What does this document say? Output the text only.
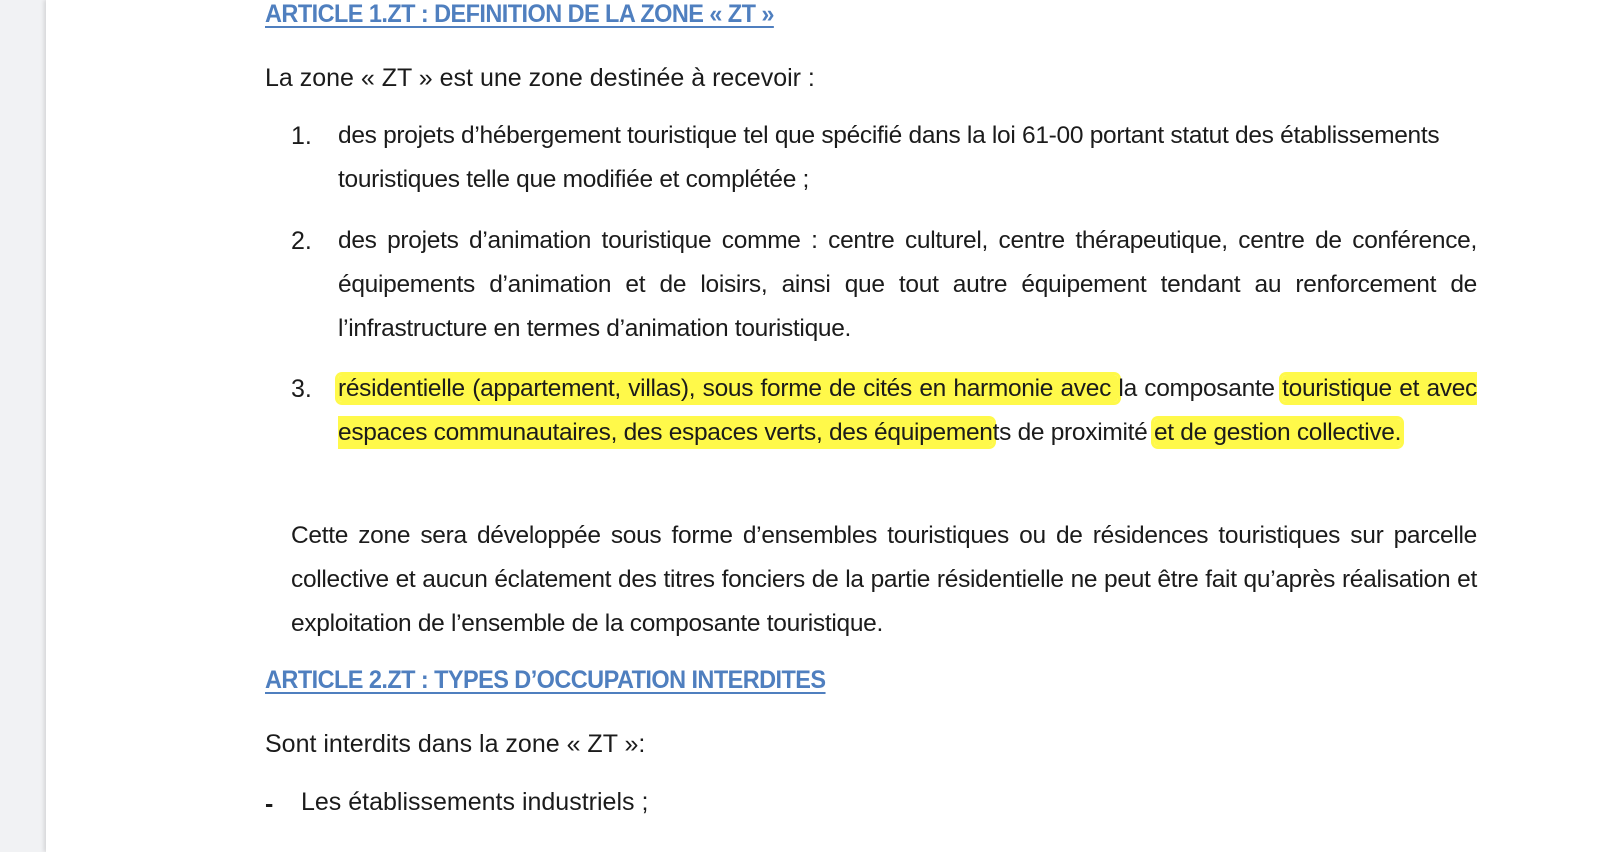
ARTICLE 1.ZT : DEFINITION DE LA ZONE « ZT »

La zone « ZT » est une zone destinée à recevoir :

1. des projets d’hébergement touristique tel que spécifié dans la loi 61-00 portant statut des établissements touristiques telle que modifiée et complétée ;

2. des projets d’animation touristique comme : centre culturel, centre thérapeutique, centre de conférence, équipements d’animation et de loisirs, ainsi que tout autre équipement tendant au renforcement de l’infrastructure en termes d’animation touristique.

3. résidentielle (appartement, villas), sous forme de cités en harmonie avec la composante touristique et avec espaces communautaires, des espaces verts, des équipements de proximité et de gestion collective.

Cette zone sera développée sous forme d’ensembles touristiques ou de résidences touristiques sur parcelle collective et aucun éclatement des titres fonciers de la partie résidentielle ne peut être fait qu’après réalisation et exploitation de l’ensemble de la composante touristique.

ARTICLE 2.ZT : TYPES D’OCCUPATION INTERDITES

Sont interdits dans la zone « ZT »:

- Les établissements industriels ;
